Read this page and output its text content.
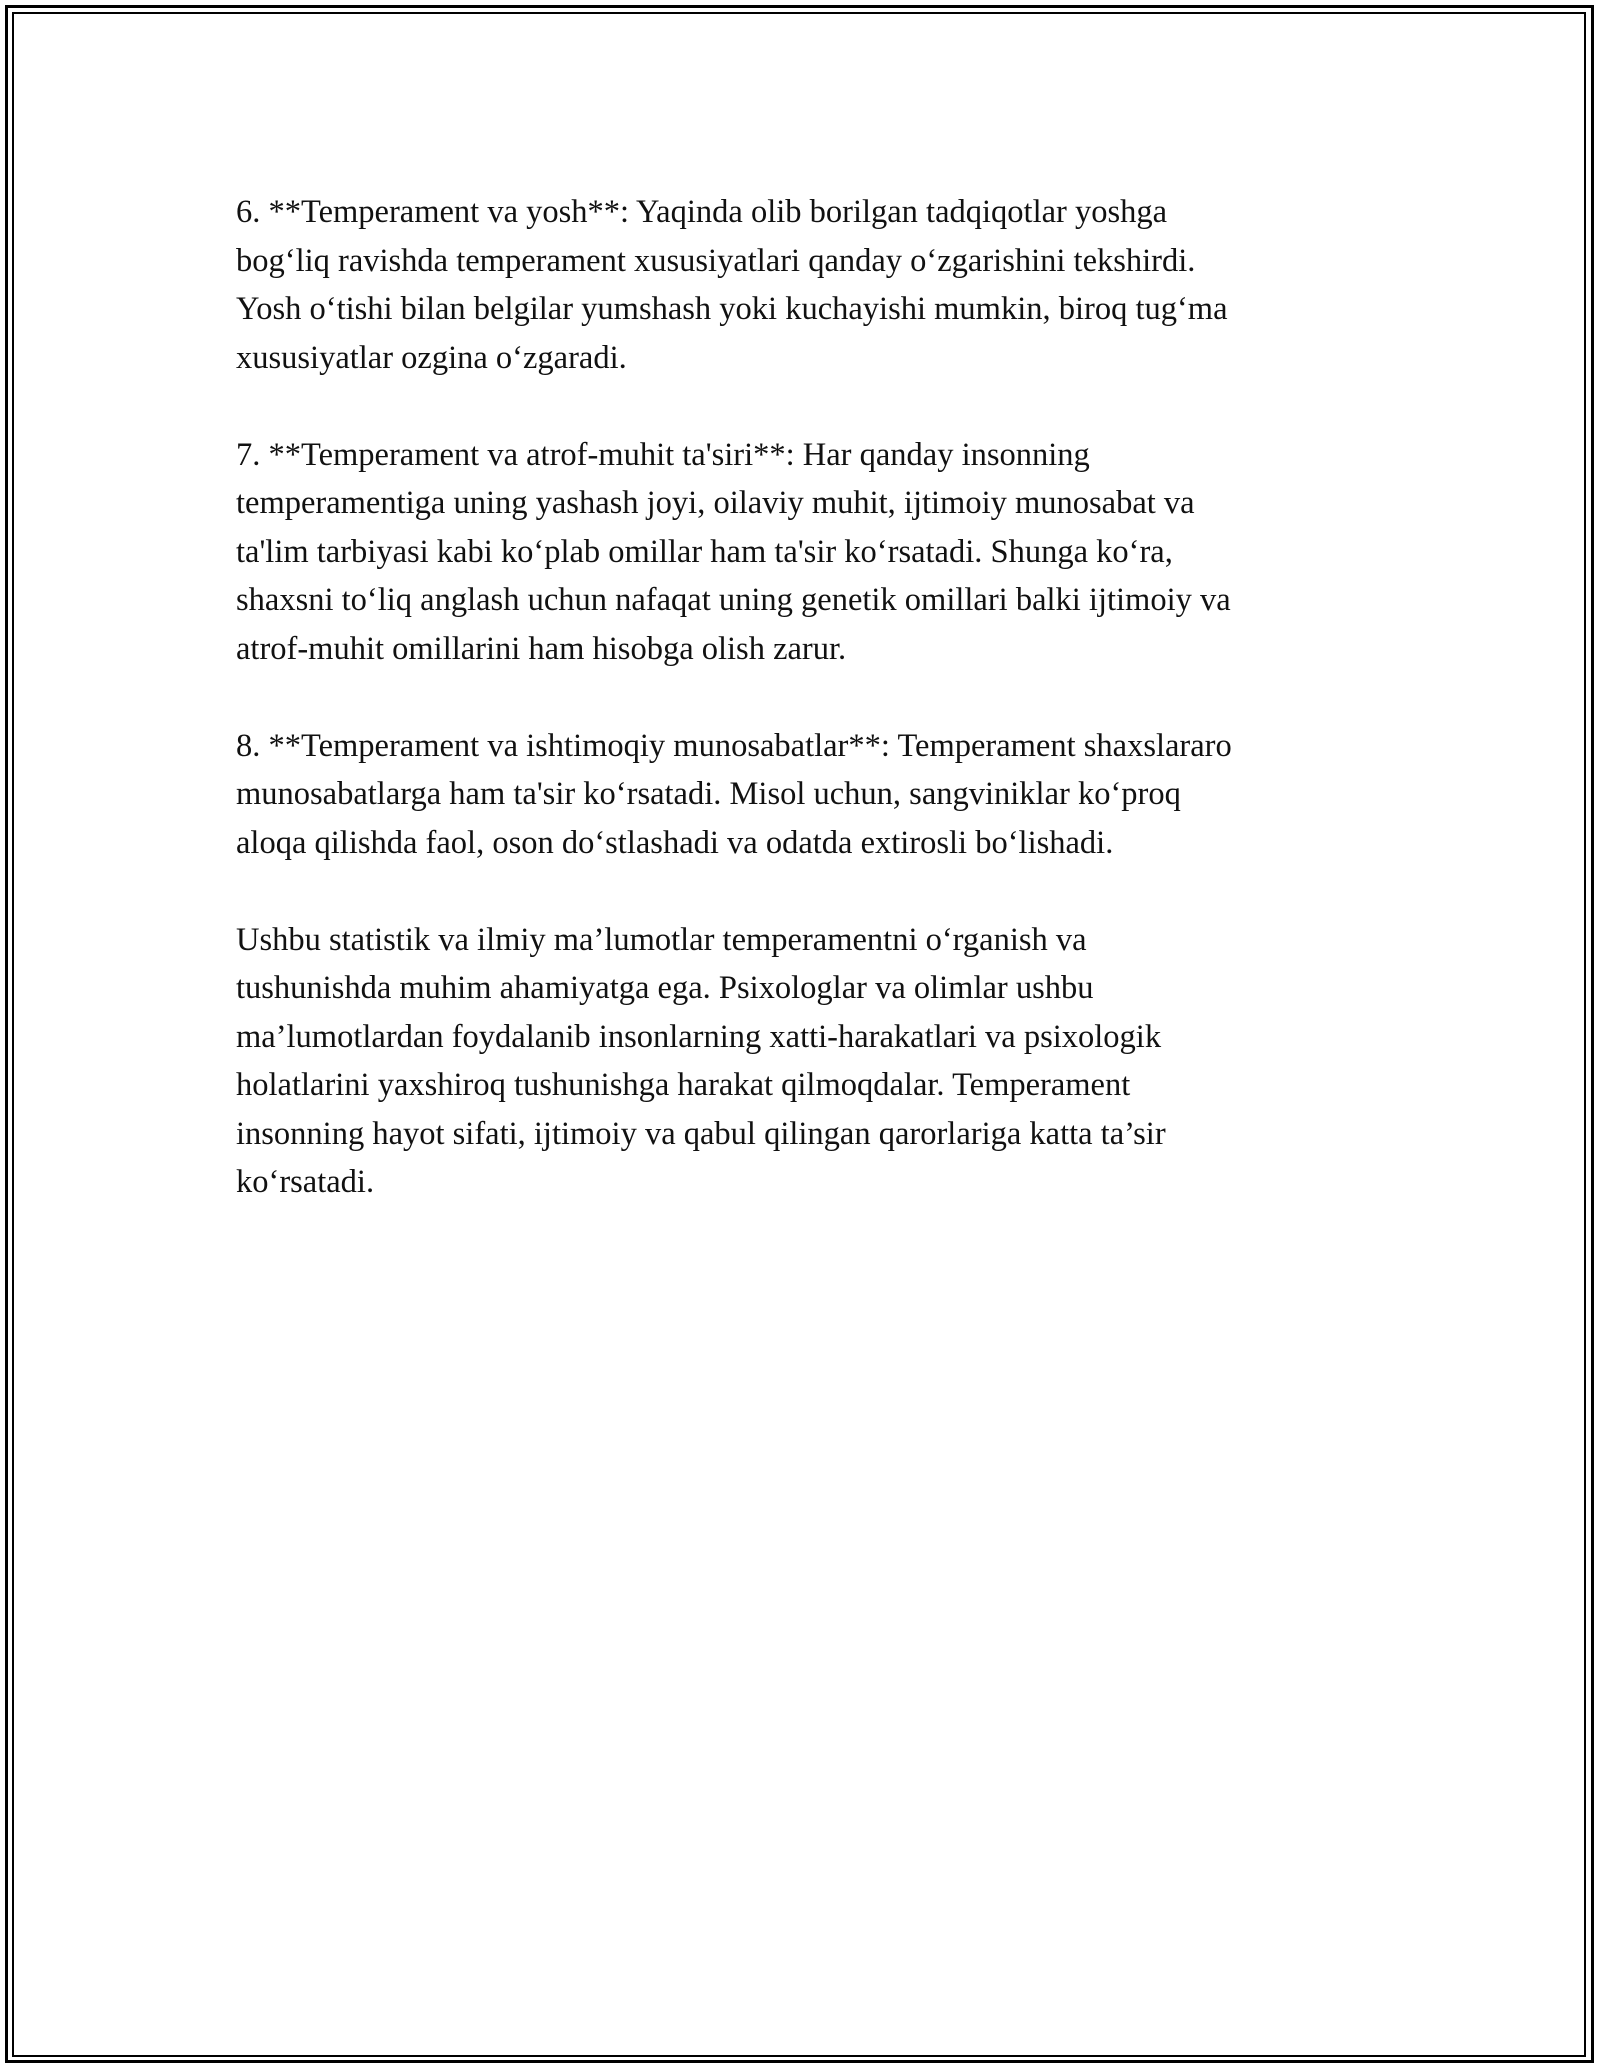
6. **Temperament va yosh**: Yaqinda olib borilgan tadqiqotlar yoshga
bog‘liq ravishda temperament xususiyatlari qanday o‘zgarishini tekshirdi.
Yosh o‘tishi bilan belgilar yumshash yoki kuchayishi mumkin, biroq tug‘ma
xususiyatlar ozgina o‘zgaradi.

7. **Temperament va atrof-muhit ta'siri**: Har qanday insonning
temperamentiga uning yashash joyi, oilaviy muhit, ijtimoiy munosabat va
ta'lim tarbiyasi kabi ko‘plab omillar ham ta'sir ko‘rsatadi. Shunga ko‘ra,
shaxsni to‘liq anglash uchun nafaqat uning genetik omillari balki ijtimoiy va
atrof-muhit omillarini ham hisobga olish zarur.

8. **Temperament va ishtimoqiy munosabatlar**: Temperament shaxslararo
munosabatlarga ham ta'sir ko‘rsatadi. Misol uchun, sangviniklar ko‘proq
aloqa qilishda faol, oson do‘stlashadi va odatda extirosli bo‘lishadi.

Ushbu statistik va ilmiy ma’lumotlar temperamentni o‘rganish va
tushunishda muhim ahamiyatga ega. Psixologlar va olimlar ushbu
ma’lumotlardan foydalanib insonlarning xatti-harakatlari va psixologik
holatlarini yaxshiroq tushunishga harakat qilmoqdalar. Temperament
insonning hayot sifati, ijtimoiy va qabul qilingan qarorlariga katta ta’sir
ko‘rsatadi.
